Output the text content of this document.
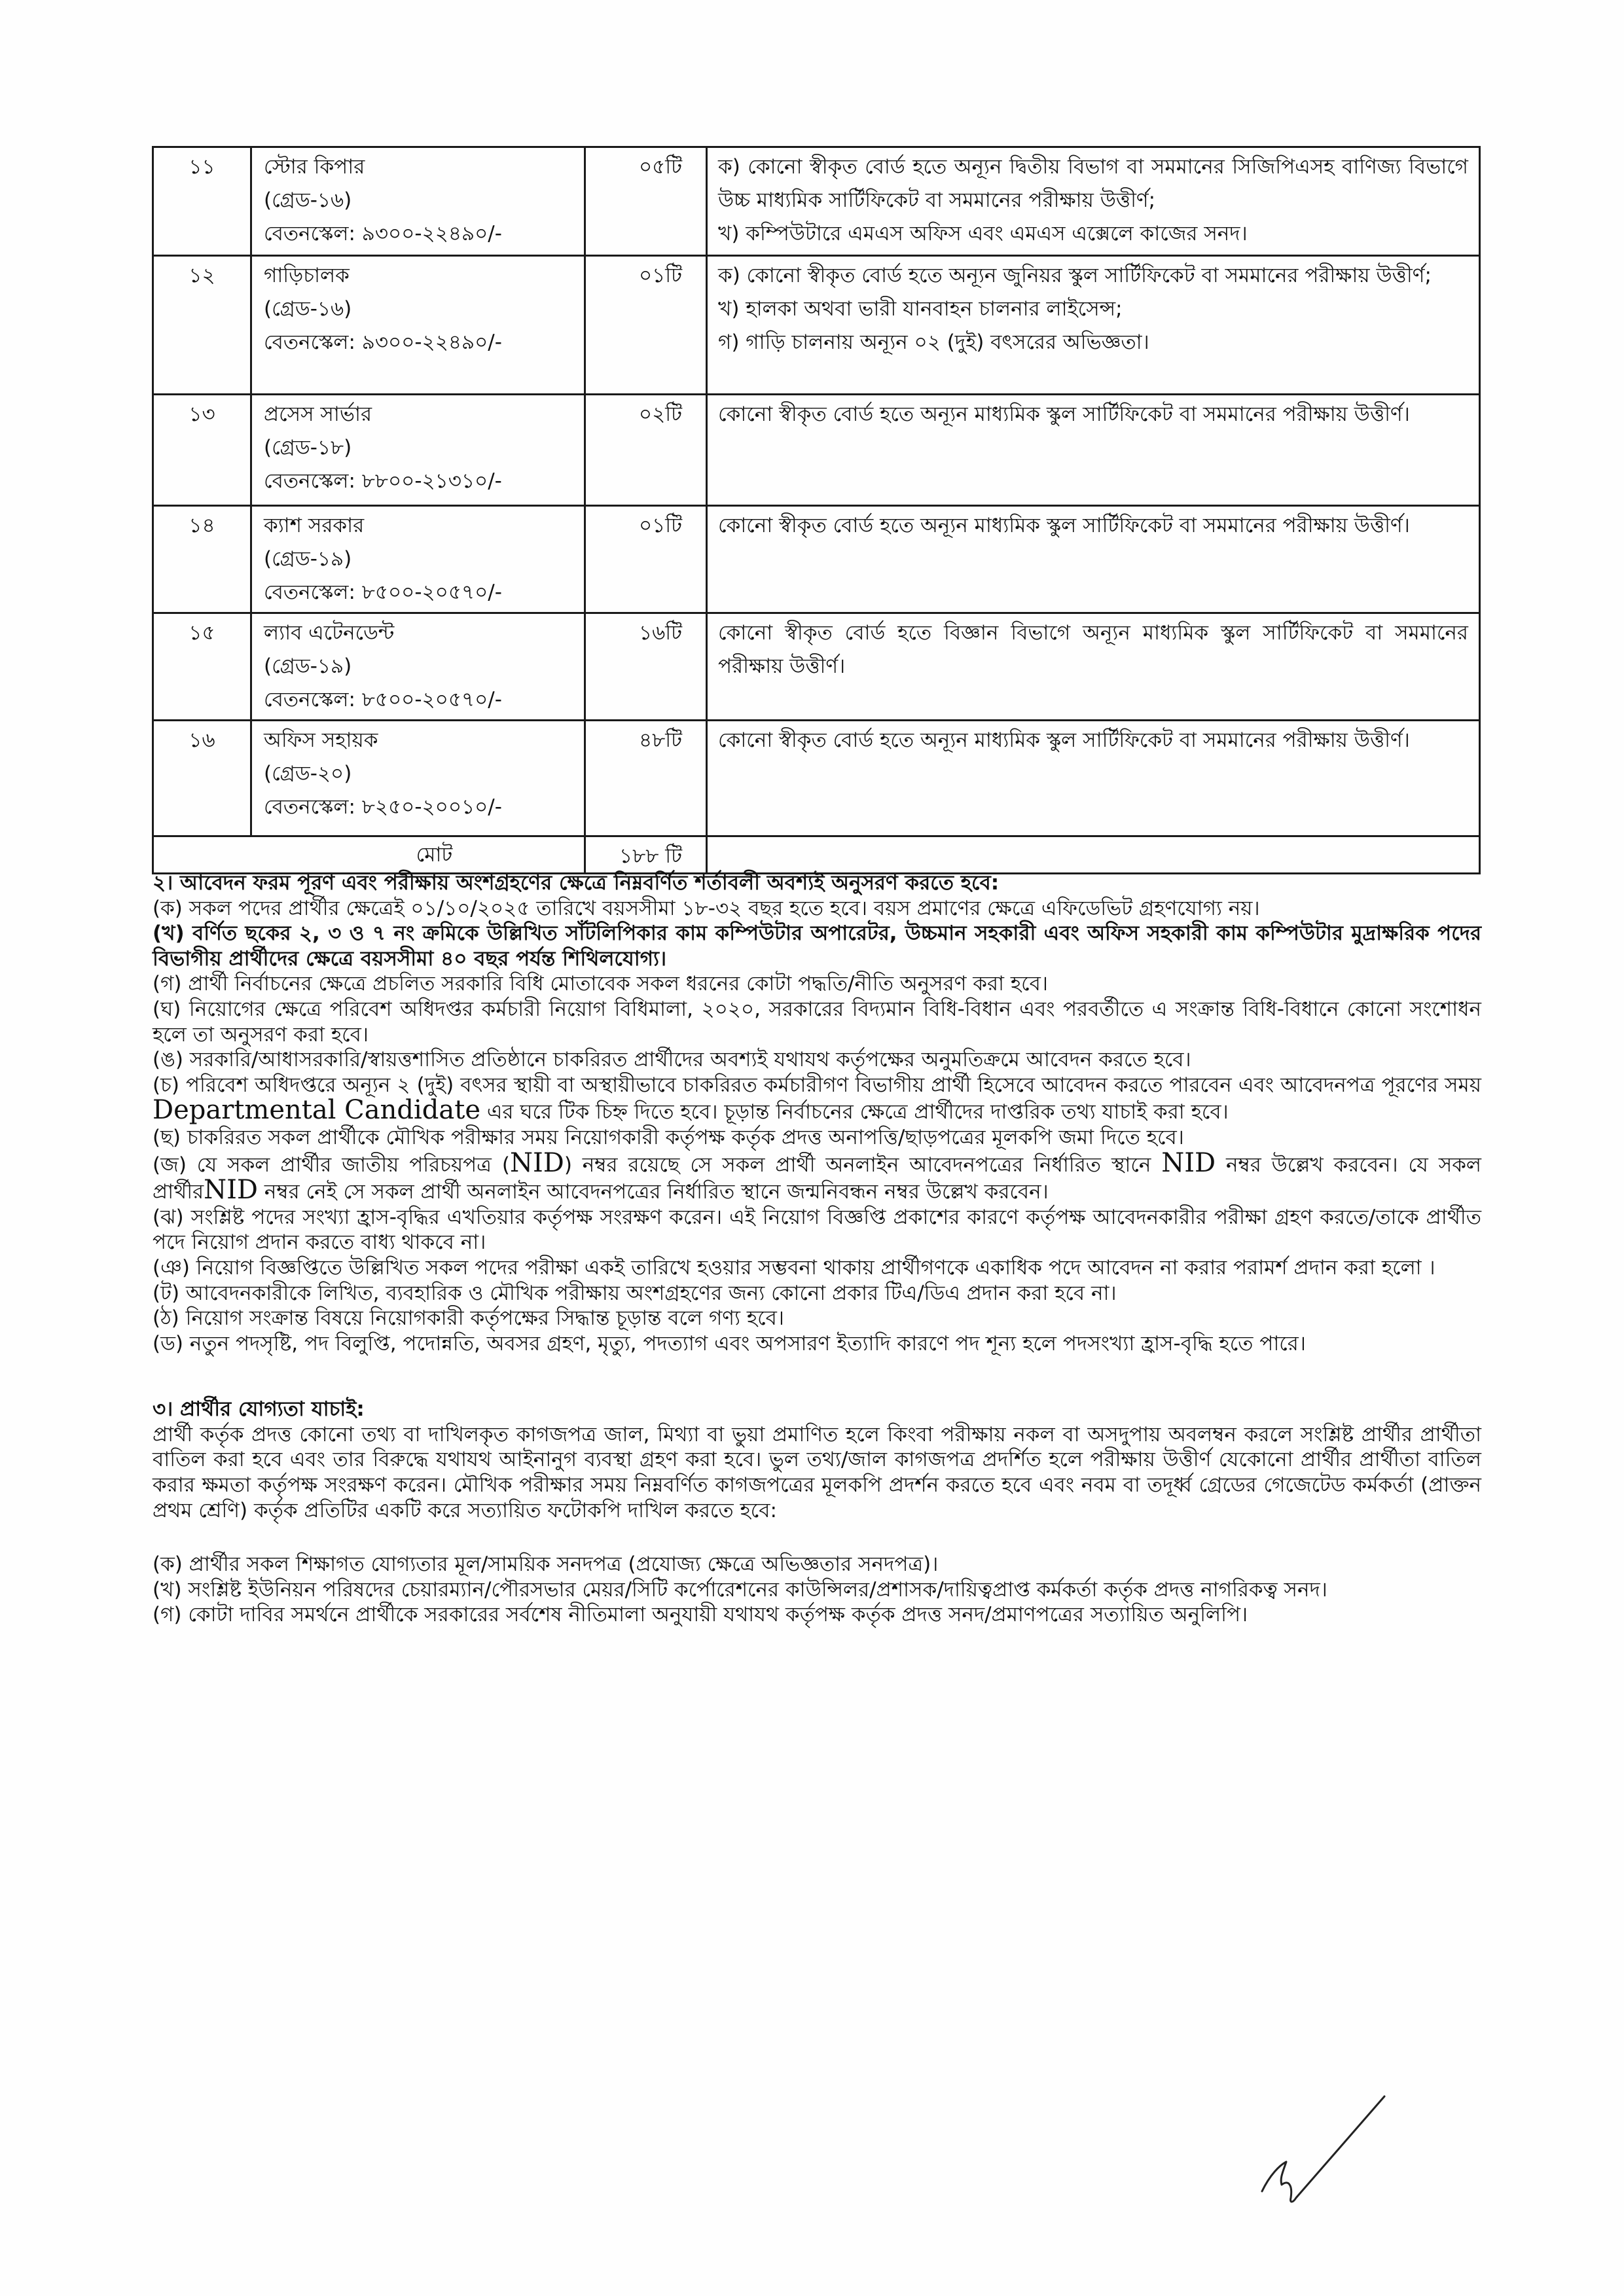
১১	স্টোর কিপার
(গ্রেড-১৬)
বেতনস্কেল: ৯৩০০-২২৪৯০/-	০৫টি	ক) কোনো স্বীকৃত বোর্ড হতে অন্যূন দ্বিতীয় বিভাগ বা সমমানের সিজিপিএসহ বাণিজ্য বিভাগে উচ্চ মাধ্যমিক সার্টিফিকেট বা সমমানের পরীক্ষায় উত্তীর্ণ;
খ) কম্পিউটারে এমএস অফিস এবং এমএস এক্সেলে কাজের সনদ।

১২	গাড়িচালক
(গ্রেড-১৬)
বেতনস্কেল: ৯৩০০-২২৪৯০/-	০১টি	ক) কোনো স্বীকৃত বোর্ড হতে অন্যূন জুনিয়র স্কুল সার্টিফিকেট বা সমমানের পরীক্ষায় উত্তীর্ণ;
খ) হালকা অথবা ভারী যানবাহন চালনার লাইসেন্স;
গ) গাড়ি চালনায় অন্যূন ০২ (দুই) বৎসরের অভিজ্ঞতা।

১৩	প্রসেস সার্ভার
(গ্রেড-১৮)
বেতনস্কেল: ৮৮০০-২১৩১০/-	০২টি	কোনো স্বীকৃত বোর্ড হতে অন্যূন মাধ্যমিক স্কুল সার্টিফিকেট বা সমমানের পরীক্ষায় উত্তীর্ণ।

১৪	ক্যাশ সরকার
(গ্রেড-১৯)
বেতনস্কেল: ৮৫০০-২০৫৭০/-	০১টি	কোনো স্বীকৃত বোর্ড হতে অন্যূন মাধ্যমিক স্কুল সার্টিফিকেট বা সমমানের পরীক্ষায় উত্তীর্ণ।

১৫	ল্যাব এটেনডেন্ট
(গ্রেড-১৯)
বেতনস্কেল: ৮৫০০-২০৫৭০/-	১৬টি	কোনো স্বীকৃত বোর্ড হতে বিজ্ঞান বিভাগে অন্যূন মাধ্যমিক স্কুল সার্টিফিকেট বা সমমানের পরীক্ষায় উত্তীর্ণ।

১৬	অফিস সহায়ক
(গ্রেড-২০)
বেতনস্কেল: ৮২৫০-২০০১০/-	৪৮টি	কোনো স্বীকৃত বোর্ড হতে অন্যূন মাধ্যমিক স্কুল সার্টিফিকেট বা সমমানের পরীক্ষায় উত্তীর্ণ।

মোট		১৮৮ টি	

২। আবেদন ফরম পূরণ এবং পরীক্ষায় অংশগ্রহণের ক্ষেত্রে নিম্নবর্ণিত শর্তাবলী অবশ্যই অনুসরণ করতে হবে:

(ক) সকল পদের প্রার্থীর ক্ষেত্রেই ০১/১০/২০২৫ তারিখে বয়সসীমা ১৮-৩২ বছর হতে হবে। বয়স প্রমাণের ক্ষেত্রে এফিডেভিট গ্রহণযোগ্য নয়।

(খ) বর্ণিত ছকের ২, ৩ ও ৭ নং ক্রমিকে উল্লিখিত সাঁটলিপিকার কাম কম্পিউটার অপারেটর, উচ্চমান সহকারী এবং অফিস সহকারী কাম কম্পিউটার মুদ্রাক্ষরিক পদের বিভাগীয় প্রার্থীদের ক্ষেত্রে বয়সসীমা ৪০ বছর পর্যন্ত শিথিলযোগ্য।

(গ) প্রার্থী নির্বাচনের ক্ষেত্রে প্রচলিত সরকারি বিধি মোতাবেক সকল ধরনের কোটা পদ্ধতি/নীতি অনুসরণ করা হবে।

(ঘ) নিয়োগের ক্ষেত্রে পরিবেশ অধিদপ্তর কর্মচারী নিয়োগ বিধিমালা, ২০২০, সরকারের বিদ্যমান বিধি-বিধান এবং পরবর্তীতে এ সংক্রান্ত বিধি-বিধানে কোনো সংশোধন হলে তা অনুসরণ করা হবে।

(ঙ) সরকারি/আধাসরকারি/স্বায়ত্তশাসিত প্রতিষ্ঠানে চাকরিরত প্রার্থীদের অবশ্যই যথাযথ কর্তৃপক্ষের অনুমতিক্রমে আবেদন করতে হবে।

(চ) পরিবেশ অধিদপ্তরে অন্যূন ২ (দুই) বৎসর স্থায়ী বা অস্থায়ীভাবে চাকরিরত কর্মচারীগণ বিভাগীয় প্রার্থী হিসেবে আবেদন করতে পারবেন এবং আবেদনপত্র পূরণের সময় Departmental Candidate এর ঘরে টিক চিহ্ন দিতে হবে। চূড়ান্ত নির্বাচনের ক্ষেত্রে প্রার্থীদের দাপ্তরিক তথ্য যাচাই করা হবে।

(ছ) চাকরিরত সকল প্রার্থীকে মৌখিক পরীক্ষার সময় নিয়োগকারী কর্তৃপক্ষ কর্তৃক প্রদত্ত অনাপত্তি/ছাড়পত্রের মূলকপি জমা দিতে হবে।

(জ) যে সকল প্রার্থীর জাতীয় পরিচয়পত্র (NID) নম্বর রয়েছে সে সকল প্রার্থী অনলাইন আবেদনপত্রের নির্ধারিত স্থানে NID নম্বর উল্লেখ করবেন। যে সকল প্রার্থীরNID নম্বর নেই সে সকল প্রার্থী অনলাইন আবেদনপত্রের নির্ধারিত স্থানে জন্মনিবন্ধন নম্বর উল্লেখ করবেন।

(ঝ) সংশ্লিষ্ট পদের সংখ্যা হ্রাস-বৃদ্ধির এখতিয়ার কর্তৃপক্ষ সংরক্ষণ করেন। এই নিয়োগ বিজ্ঞপ্তি প্রকাশের কারণে কর্তৃপক্ষ আবেদনকারীর পরীক্ষা গ্রহণ করতে/তাকে প্রার্থীত পদে নিয়োগ প্রদান করতে বাধ্য থাকবে না।

(ঞ) নিয়োগ বিজ্ঞপ্তিতে উল্লিখিত সকল পদের পরীক্ষা একই তারিখে হওয়ার সম্ভবনা থাকায় প্রার্থীগণকে একাধিক পদে আবেদন না করার পরামর্শ প্রদান করা হলো ।

(ট) আবেদনকারীকে লিখিত, ব্যবহারিক ও মৌখিক পরীক্ষায় অংশগ্রহণের জন্য কোনো প্রকার টিএ/ডিএ প্রদান করা হবে না।

(ঠ) নিয়োগ সংক্রান্ত বিষয়ে নিয়োগকারী কর্তৃপক্ষের সিদ্ধান্ত চূড়ান্ত বলে গণ্য হবে।

(ড) নতুন পদসৃষ্টি, পদ বিলুপ্তি, পদোন্নতি, অবসর গ্রহণ, মৃত্যু, পদত্যাগ এবং অপসারণ ইত্যাদি কারণে পদ শূন্য হলে পদসংখ্যা হ্রাস-বৃদ্ধি হতে পারে।

৩। প্রার্থীর যোগ্যতা যাচাই:

প্রার্থী কর্তৃক প্রদত্ত কোনো তথ্য বা দাখিলকৃত কাগজপত্র জাল, মিথ্যা বা ভুয়া প্রমাণিত হলে কিংবা পরীক্ষায় নকল বা অসদুপায় অবলম্বন করলে সংশ্লিষ্ট প্রার্থীর প্রার্থীতা বাতিল করা হবে এবং তার বিরুদ্ধে যথাযথ আইনানুগ ব্যবস্থা গ্রহণ করা হবে। ভুল তথ্য/জাল কাগজপত্র প্রদর্শিত হলে পরীক্ষায় উত্তীর্ণ যেকোনো প্রার্থীর প্রার্থীতা বাতিল করার ক্ষমতা কর্তৃপক্ষ সংরক্ষণ করেন। মৌখিক পরীক্ষার সময় নিম্নবর্ণিত কাগজপত্রের মূলকপি প্রদর্শন করতে হবে এবং নবম বা তদূর্ধ্ব গ্রেডের গেজেটেড কর্মকর্তা (প্রাক্তন প্রথম শ্রেণি) কর্তৃক প্রতিটির একটি করে সত্যায়িত ফটোকপি দাখিল করতে হবে:

(ক) প্রার্থীর সকল শিক্ষাগত যোগ্যতার মূল/সাময়িক সনদপত্র (প্রযোজ্য ক্ষেত্রে অভিজ্ঞতার সনদপত্র)।

(খ) সংশ্লিষ্ট ইউনিয়ন পরিষদের চেয়ারম্যান/পৌরসভার মেয়র/সিটি কর্পোরেশনের কাউন্সিলর/প্রশাসক/দায়িত্বপ্রাপ্ত কর্মকর্তা কর্তৃক প্রদত্ত নাগরিকত্ব সনদ।

(গ) কোটা দাবির সমর্থনে প্রার্থীকে সরকারের সর্বশেষ নীতিমালা অনুযায়ী যথাযথ কর্তৃপক্ষ কর্তৃক প্রদত্ত সনদ/প্রমাণপত্রের সত্যায়িত অনুলিপি।
